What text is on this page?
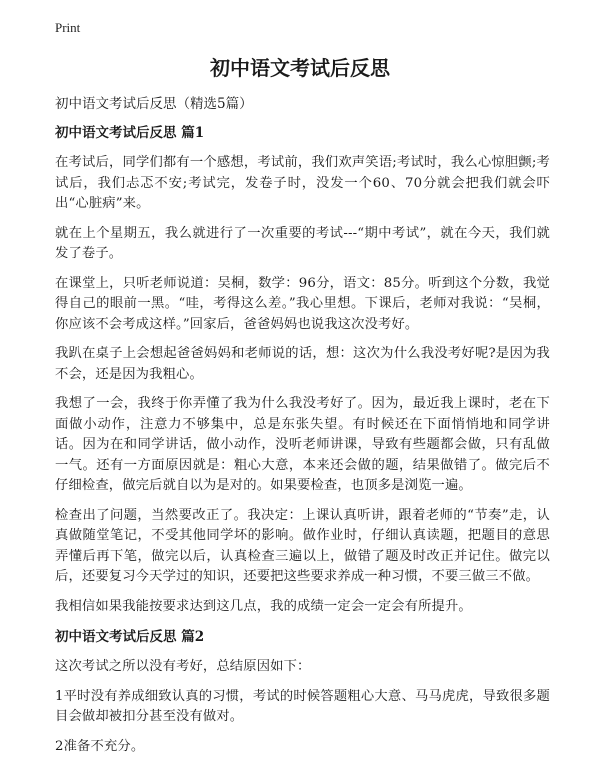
Print
初中语文考试后反思

初中语文考试后反思（精选5篇）

初中语文考试后反思 篇1

在考试后，同学们都有一个感想，考试前，我们欢声笑语;考试时，我么心惊胆颤;考试后，我们忐忑不安;考试完，发卷子时，没发一个60、70分就会把我们就会吓出“心脏病”来。

就在上个星期五，我么就进行了一次重要的考试---“期中考试”，就在今天，我们就发了卷子。

在课堂上，只听老师说道：吴桐，数学：96分，语文：85分。听到这个分数，我觉得自己的眼前一黑。“哇，考得这么差。”我心里想。下课后，老师对我说：“吴桐，你应该不会考成这样。”回家后，爸爸妈妈也说我这次没考好。

我趴在桌子上会想起爸爸妈妈和老师说的话，想：这次为什么我没考好呢?是因为我不会，还是因为我粗心。

我想了一会，我终于你弄懂了我为什么我没考好了。因为，最近我上课时，老在下面做小动作，注意力不够集中，总是东张失望。有时候还在下面悄悄地和同学讲话。因为在和同学讲话，做小动作，没听老师讲课，导致有些题都会做，只有乱做一气。还有一方面原因就是：粗心大意，本来还会做的题，结果做错了。做完后不仔细检查，做完后就自以为是对的。如果要检查，也顶多是浏览一遍。

检查出了问题，当然要改正了。我决定：上课认真听讲，跟着老师的“节奏”走，认真做随堂笔记，不受其他同学坏的影响。做作业时，仔细认真读题，把题目的意思弄懂后再下笔，做完以后，认真检查三遍以上，做错了题及时改正并记住。做完以后，还要复习今天学过的知识，还要把这些要求养成一种习惯，不要三做三不做。

我相信如果我能按要求达到这几点，我的成绩一定会一定会有所提升。

初中语文考试后反思 篇2

这次考试之所以没有考好，总结原因如下：

1平时没有养成细致认真的习惯，考试的时候答题粗心大意、马马虎虎，导致很多题目会做却被扣分甚至没有做对。

2准备不充分。
